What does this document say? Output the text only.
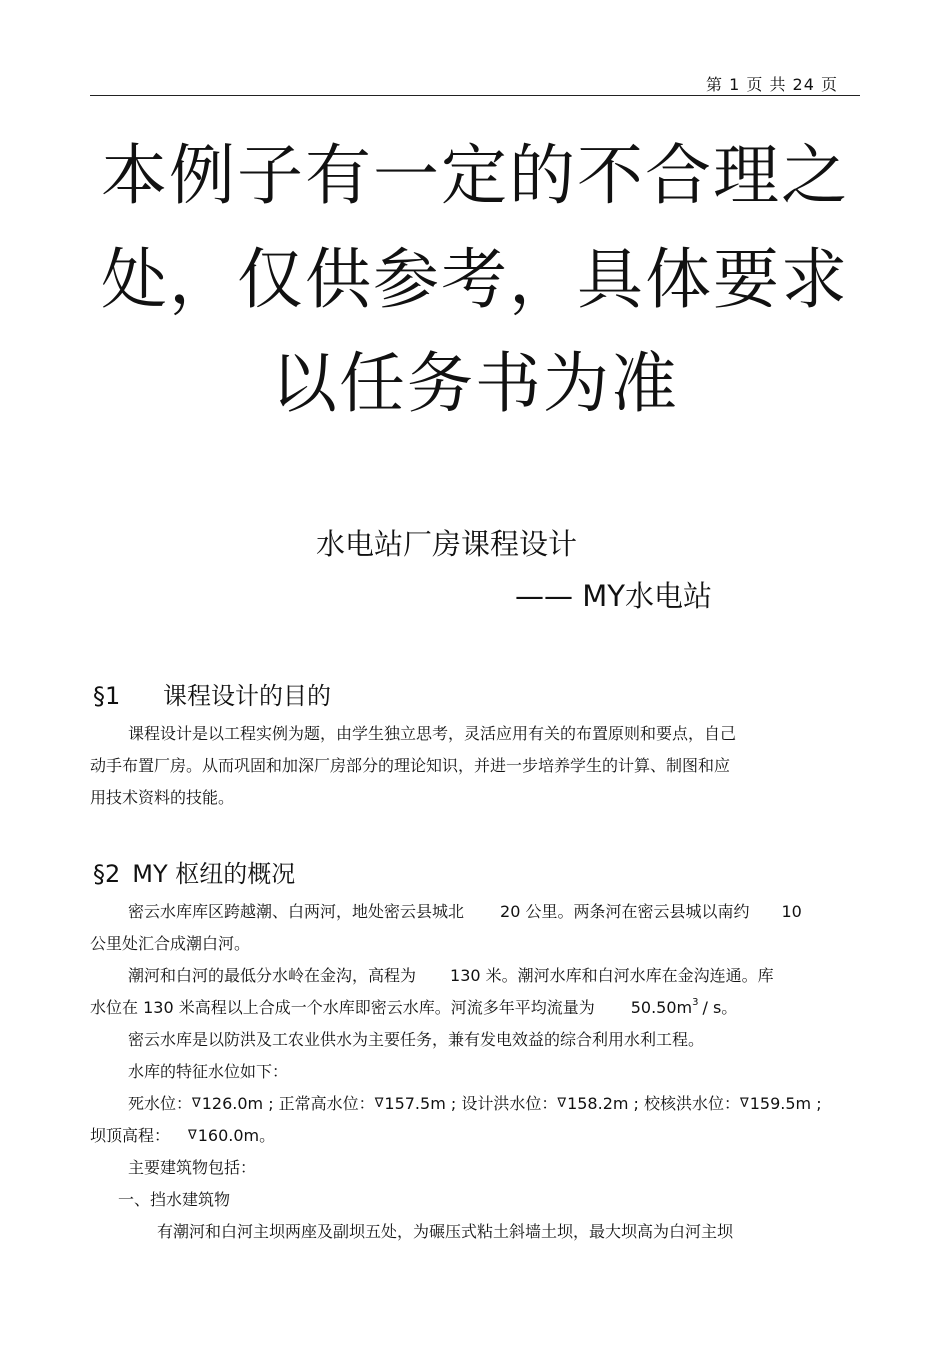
第 1 页 共 24 页
本例子有一定的不合理之
处，仅供参考，具体要求
以任务书为准
水电站厂房课程设计
—— MY水电站
§1 课程设计的目的
课程设计是以工程实例为题，由学生独立思考，灵活应用有关的布置原则和要点，自己
动手布置厂房。从而巩固和加深厂房部分的理论知识，并进一步培养学生的计算、制图和应
用技术资料的技能。
§2 MY 枢纽的概况
密云水库库区跨越潮、白两河，地处密云县城北 20 公里。两条河在密云县城以南约 10
公里处汇合成潮白河。
潮河和白河的最低分水岭在金沟，高程为 130 米。潮河水库和白河水库在金沟连通。库
水位在 130 米高程以上合成一个水库即密云水库。河流多年平均流量为 $50.50m^3$ / s。
密云水库是以防洪及工农业供水为主要任务，兼有发电效益的综合利用水利工程。
水库的特征水位如下：
死水位：∇126.0m ; 正常高水位：∇157.5m ; 设计洪水位：∇158.2m ; 校核洪水位：∇159.5m ;
坝顶高程： ∇160.0m。
主要建筑物包括：
一、挡水建筑物
有潮河和白河主坝两座及副坝五处，为碾压式粘土斜墙土坝，最大坝高为白河主坝
